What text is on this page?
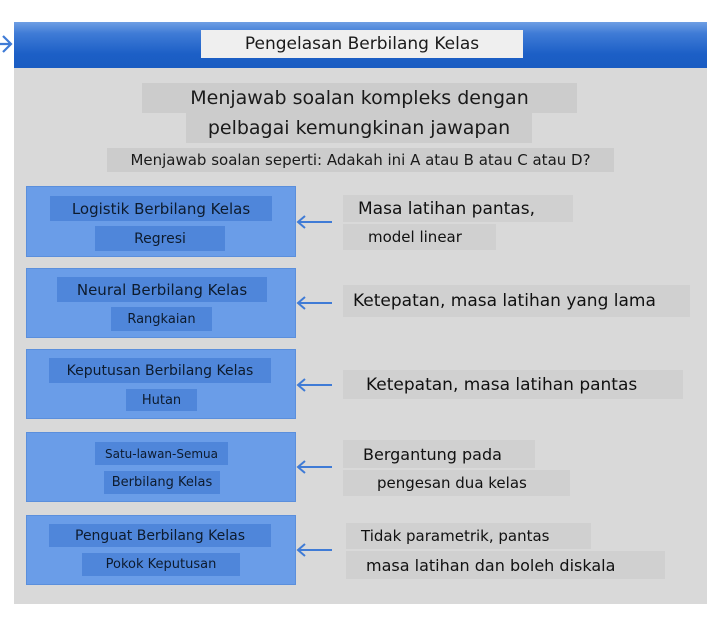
Pengelasan Berbilang Kelas
Menjawab soalan kompleks dengan
pelbagai kemungkinan jawapan
Menjawab soalan seperti: Adakah ini A atau B atau C atau D?
Logistik Berbilang Kelas
Regresi
Masa latihan pantas,
model linear
Neural Berbilang Kelas
Rangkaian
Ketepatan, masa latihan yang lama
Keputusan Berbilang Kelas
Hutan
Ketepatan, masa latihan pantas
Satu-lawan-Semua
Berbilang Kelas
Bergantung pada
pengesan dua kelas
Penguat Berbilang Kelas
Pokok Keputusan
Tidak parametrik, pantas
masa latihan dan boleh diskala
